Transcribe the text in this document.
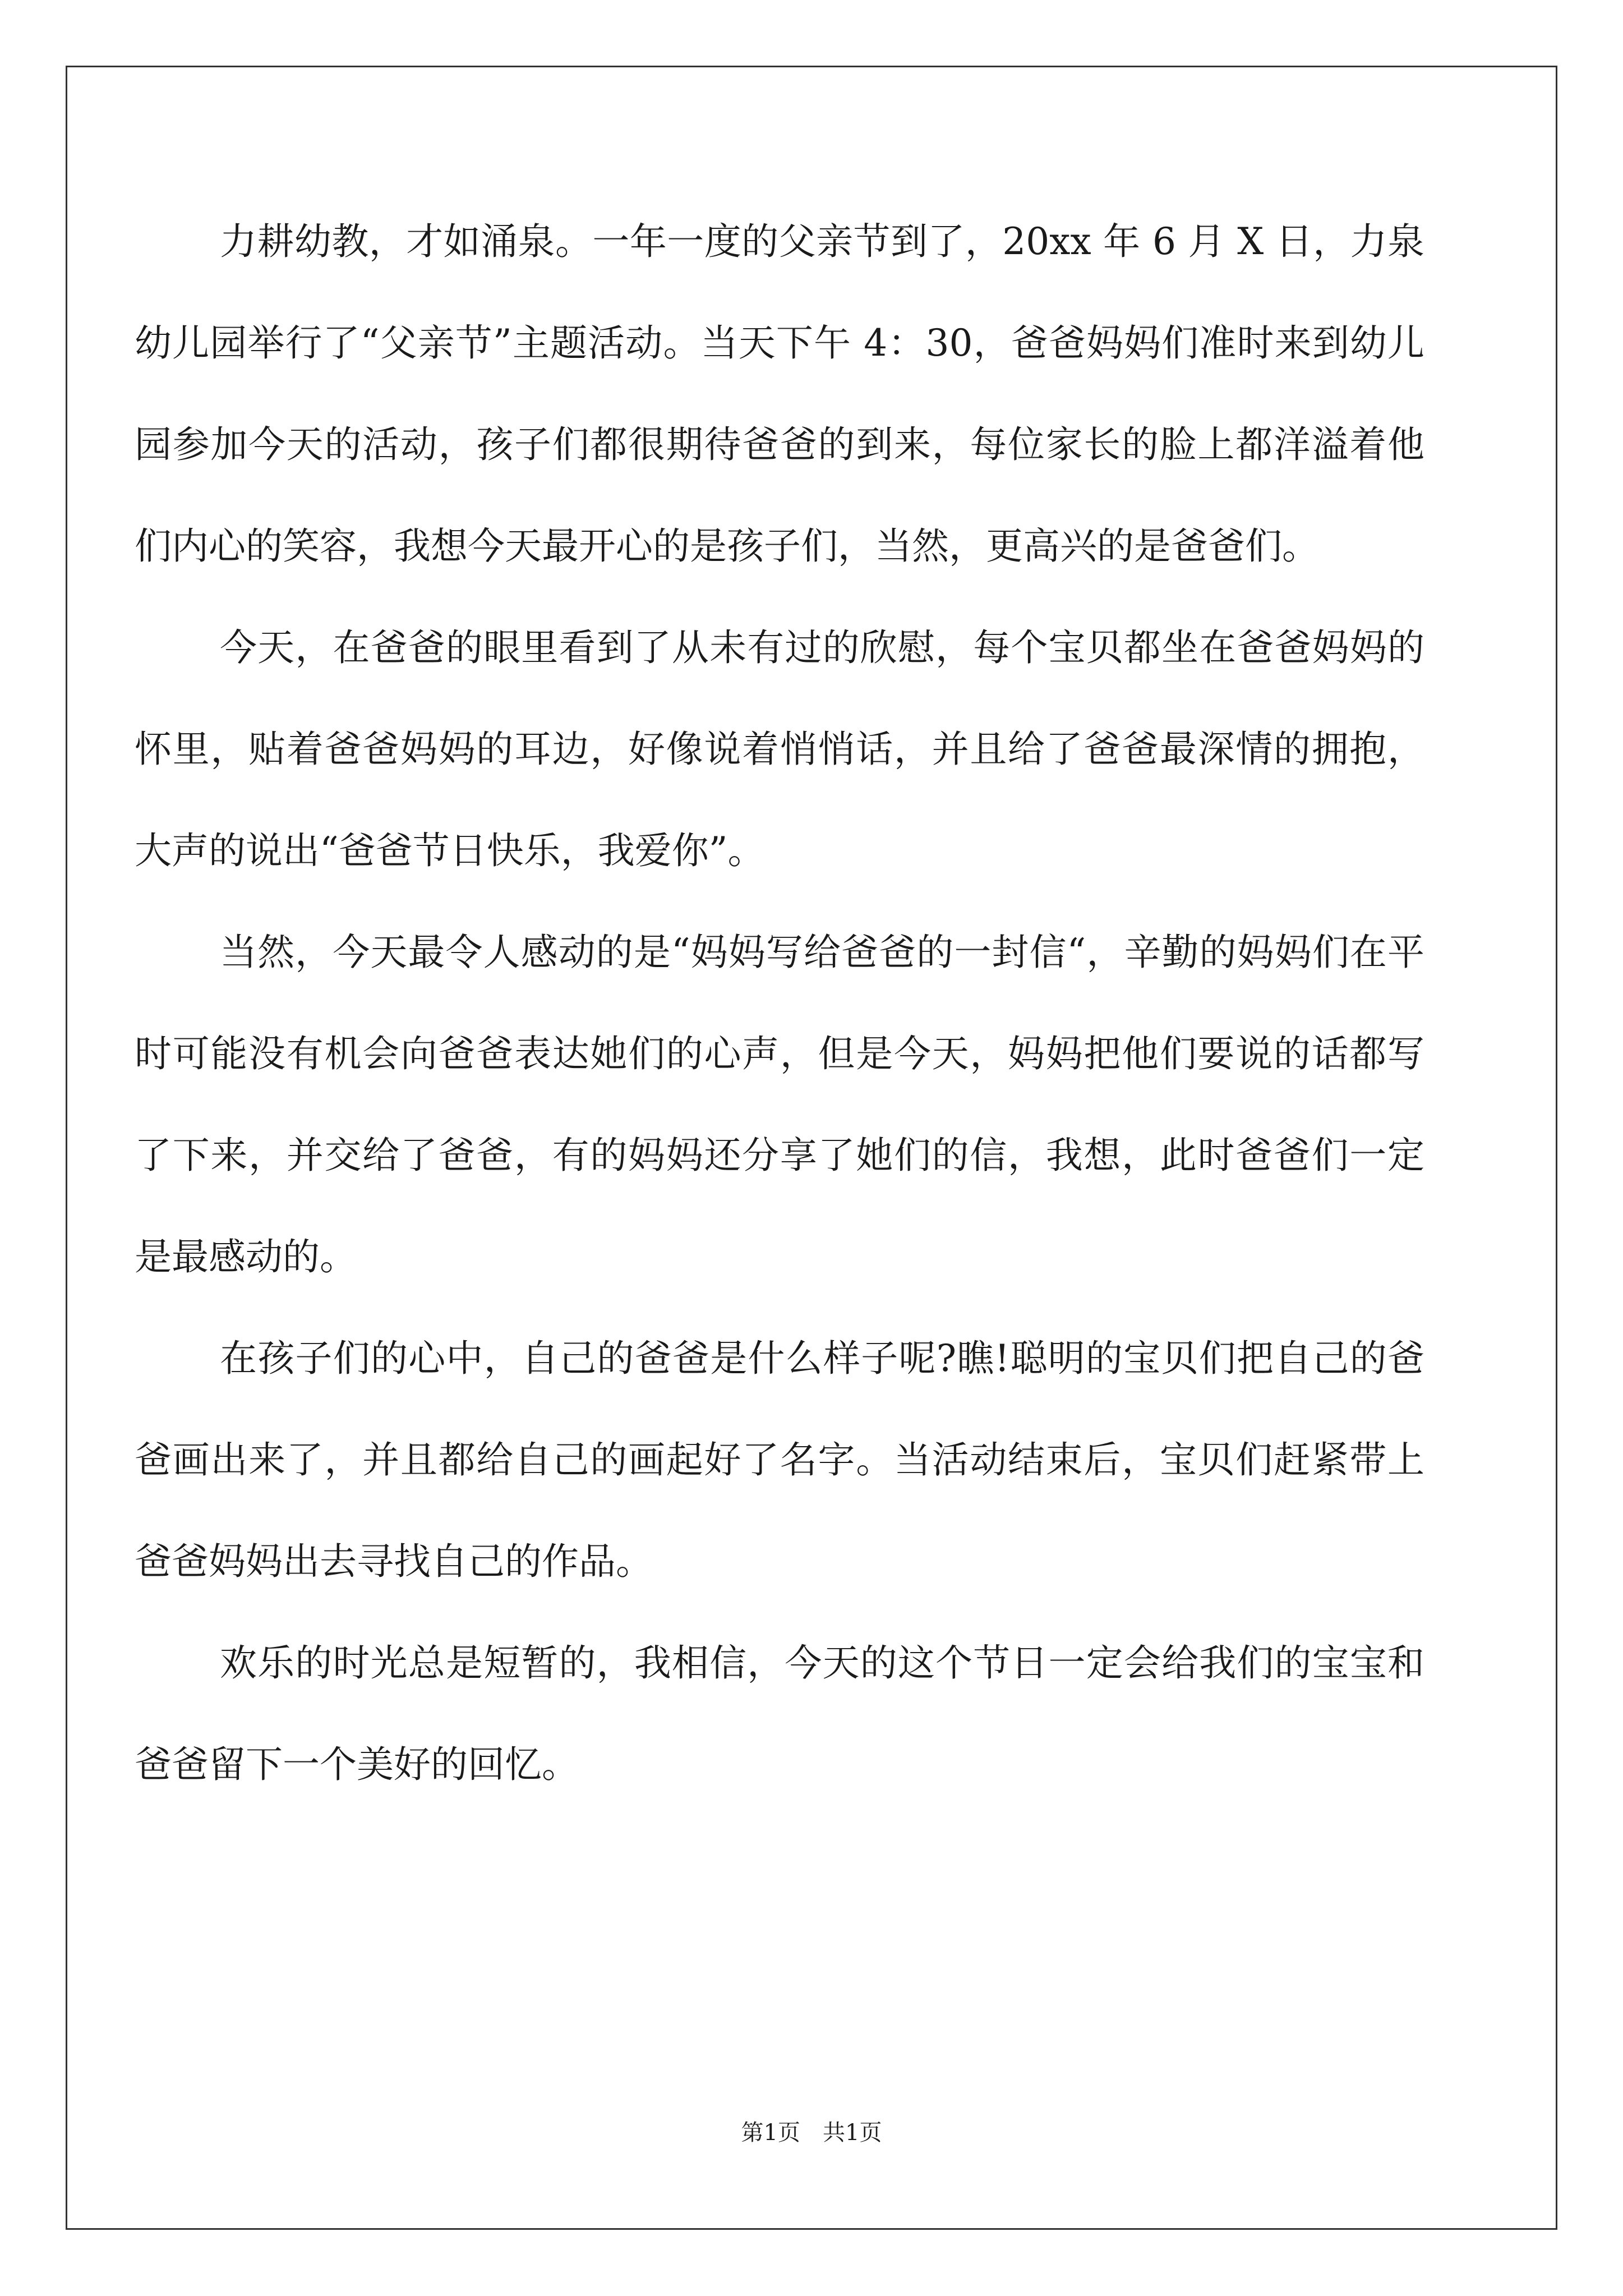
力耕幼教，才如涌泉。一年一度的父亲节到了，20xx 年 6 月 X 日，力泉幼儿园举行了“父亲节”主题活动。当天下午 4：30，爸爸妈妈们准时来到幼儿园参加今天的活动，孩子们都很期待爸爸的到来，每位家长的脸上都洋溢着他们内心的笑容，我想今天最开心的是孩子们，当然，更高兴的是爸爸们。

今天，在爸爸的眼里看到了从未有过的欣慰，每个宝贝都坐在爸爸妈妈的怀里，贴着爸爸妈妈的耳边，好像说着悄悄话，并且给了爸爸最深情的拥抱，大声的说出“爸爸节日快乐，我爱你”。

当然，今天最令人感动的是“妈妈写给爸爸的一封信“，辛勤的妈妈们在平时可能没有机会向爸爸表达她们的心声，但是今天，妈妈把他们要说的话都写了下来，并交给了爸爸，有的妈妈还分享了她们的信，我想，此时爸爸们一定是最感动的。

在孩子们的心中，自己的爸爸是什么样子呢?瞧!聪明的宝贝们把自己的爸爸画出来了，并且都给自己的画起好了名字。当活动结束后，宝贝们赶紧带上爸爸妈妈出去寻找自己的作品。

欢乐的时光总是短暂的，我相信，今天的这个节日一定会给我们的宝宝和爸爸留下一个美好的回忆。

第1页　共1页
